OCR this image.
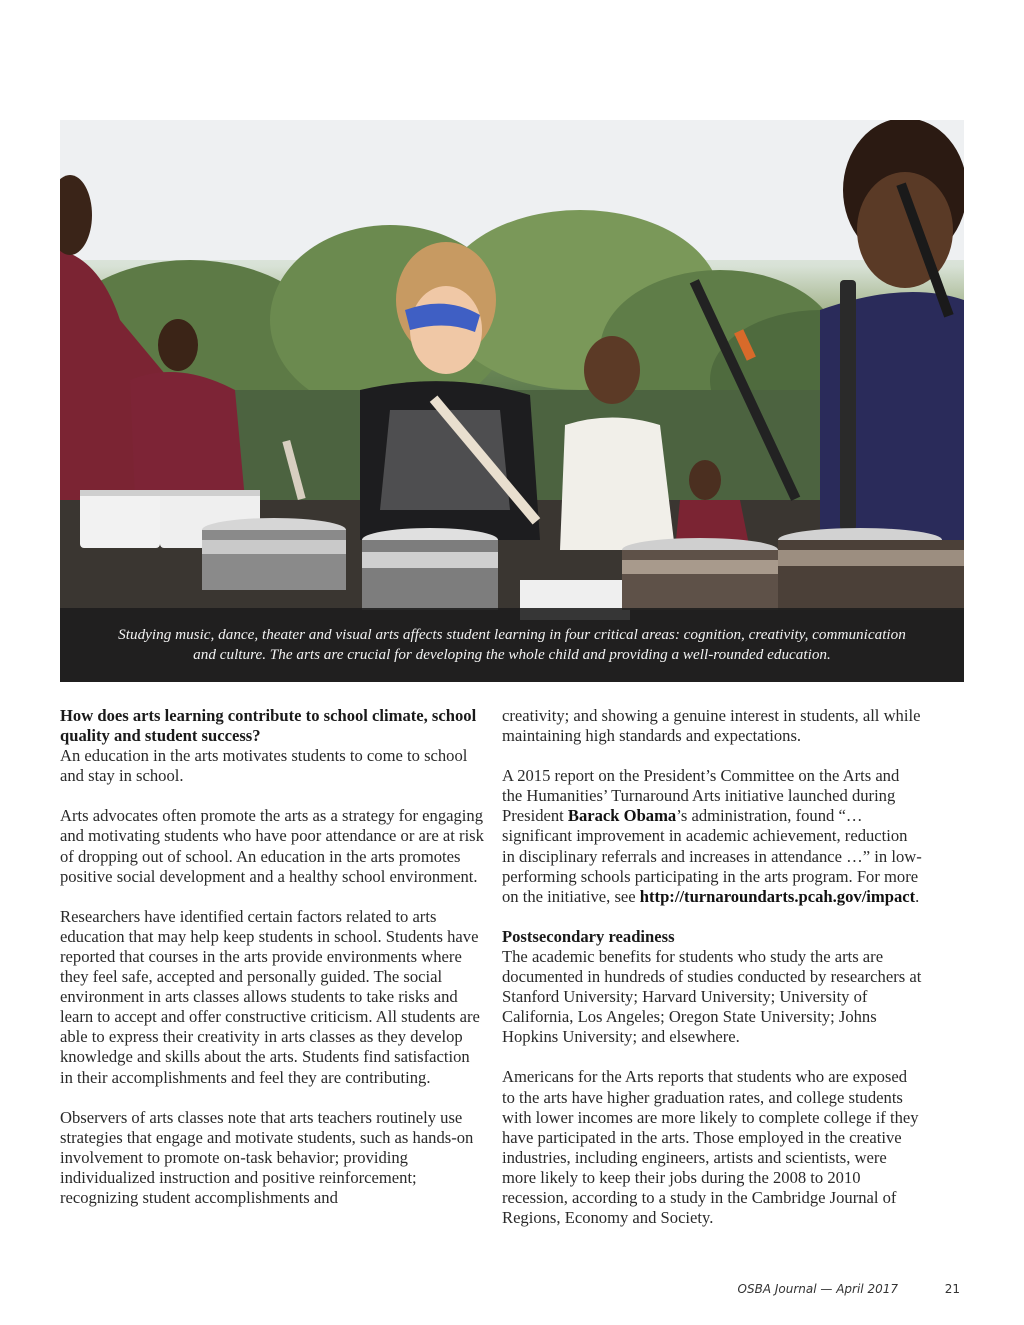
Studying music, dance, theater and visual arts affects student learning in four critical areas: cognition, creativity, communication
and culture. The arts are crucial for developing the whole child and providing a well-rounded education.
How does arts learning contribute to school climate, school quality and student success?

An education in the arts motivates students to come to school and stay in school.

Arts advocates often promote the arts as a strategy for engaging and motivating students who have poor attendance or are at risk of dropping out of school. An education in the arts promotes positive social development and a healthy school environment.

Researchers have identified certain factors related to arts education that may help keep students in school. Students have reported that courses in the arts provide environments where they feel safe, accepted and personally guided. The social environment in arts classes allows students to take risks and learn to accept and offer constructive criticism. All students are able to express their creativity in arts classes as they develop knowledge and skills about the arts. Students find satisfaction in their accomplishments and feel they are contributing.

Observers of arts classes note that arts teachers routinely use strategies that engage and motivate students, such as hands-on involvement to promote on-task behavior; providing individualized instruction and positive reinforcement; recognizing student accomplishments and

creativity; and showing a genuine interest in students, all while maintaining high standards and expectations.

A 2015 report on the President’s Committee on the Arts and the Humanities’ Turnaround Arts initiative launched during President Barack Obama’s administration, found “… significant improvement in academic achievement, reduction in disciplinary referrals and increases in attendance …” in low-performing schools participating in the arts program. For more on the initiative, see http://turnaroundarts.pcah.gov/impact.

Postsecondary readiness

The academic benefits for students who study the arts are documented in hundreds of studies conducted by researchers at Stanford University; Harvard University; University of California, Los Angeles; Oregon State University; Johns Hopkins University; and elsewhere.

Americans for the Arts reports that students who are exposed to the arts have higher graduation rates, and college students with lower incomes are more likely to complete college if they have participated in the arts. Those employed in the creative industries, including engineers, artists and scientists, were more likely to keep their jobs during the 2008 to 2010 recession, according to a study in the Cambridge Journal of Regions, Economy and Society.

OSBA Journal — April 2017	21
